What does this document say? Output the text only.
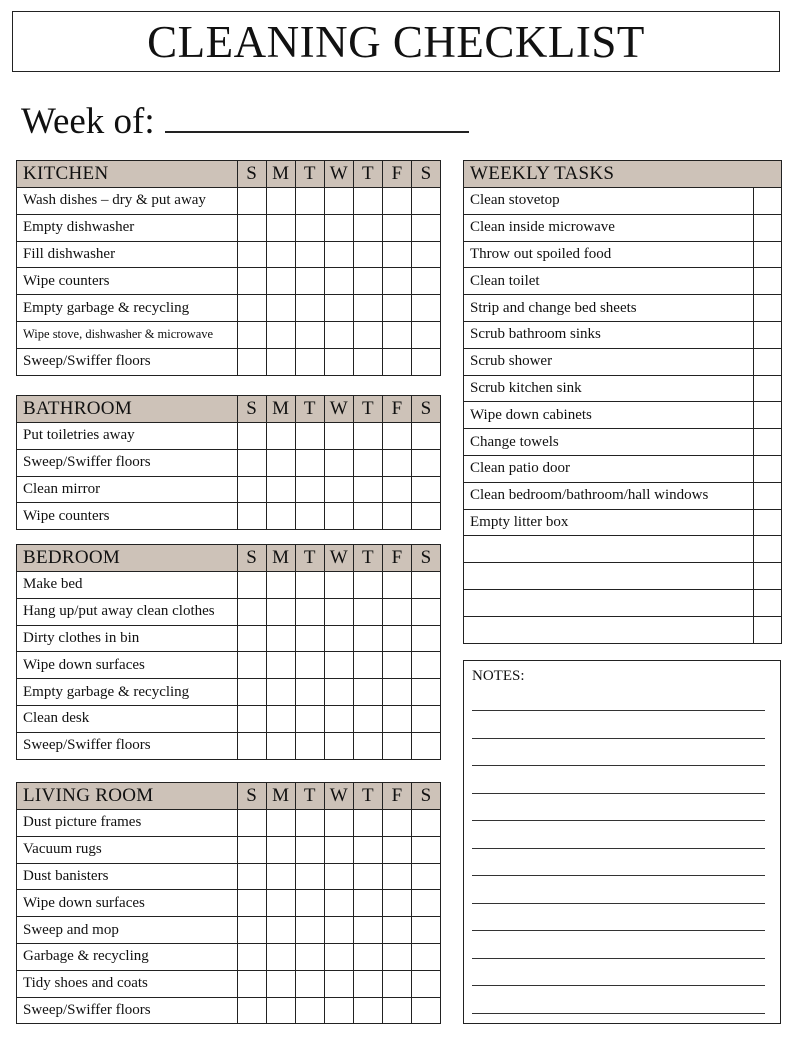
CLEANING CHECKLIST
Week of:
KITCHEN	S	M	T	W	T	F	S
Wash dishes – dry & put away							
Empty dishwasher							
Fill dishwasher							
Wipe counters							
Empty garbage & recycling							
Wipe stove, dishwasher & microwave							
Sweep/Swiffer floors							
BATHROOM	S	M	T	W	T	F	S
Put toiletries away							
Sweep/Swiffer floors							
Clean mirror							
Wipe counters							
BEDROOM	S	M	T	W	T	F	S
Make bed							
Hang up/put away clean clothes							
Dirty clothes in bin							
Wipe down surfaces							
Empty garbage & recycling							
Clean desk							
Sweep/Swiffer floors							
LIVING ROOM	S	M	T	W	T	F	S
Dust picture frames							
Vacuum rugs							
Dust banisters							
Wipe down surfaces							
Sweep and mop							
Garbage & recycling							
Tidy shoes and coats							
Sweep/Swiffer floors							
WEEKLY TASKS	
Clean stovetop	
Clean inside microwave	
Throw out spoiled food	
Clean toilet	
Strip and change bed sheets	
Scrub bathroom sinks	
Scrub shower	
Scrub kitchen sink	
Wipe down cabinets	
Change towels	
Clean patio door	
Clean bedroom/bathroom/hall windows	
Empty litter box	

NOTES:
